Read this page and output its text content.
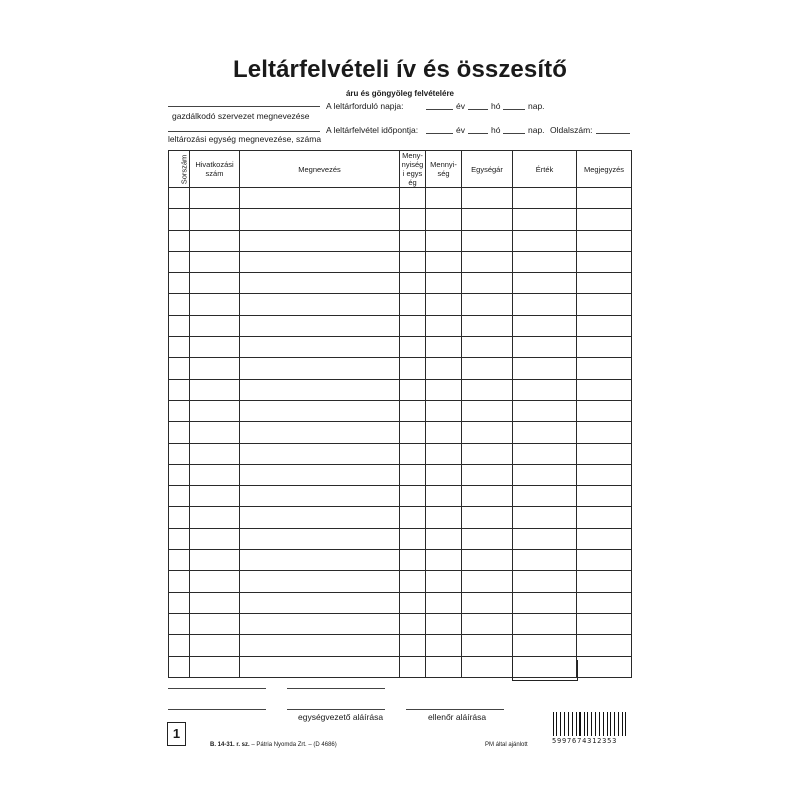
Leltárfelvételi ív és összesítő
áru és göngyöleg felvételére
gazdálkodó szervezet megnevezése
leltározási egység megnevezése, száma
A leltárforduló napja:	év	hó	nap.
A leltárfelvétel időpontja:	év	hó	nap. Oldalszám:
Sorszám	Hivatkozási szám	Megnevezés	Meny-nyiségi egység	Mennyi-ség	Egységár	Érték	Megjegyzés

egységvezető aláírása	ellenőr aláírása
1
B. 14-31. r. sz. – Pátria Nyomda Zrt. – (D 4686)	PM által ajánlott	5997674312353
